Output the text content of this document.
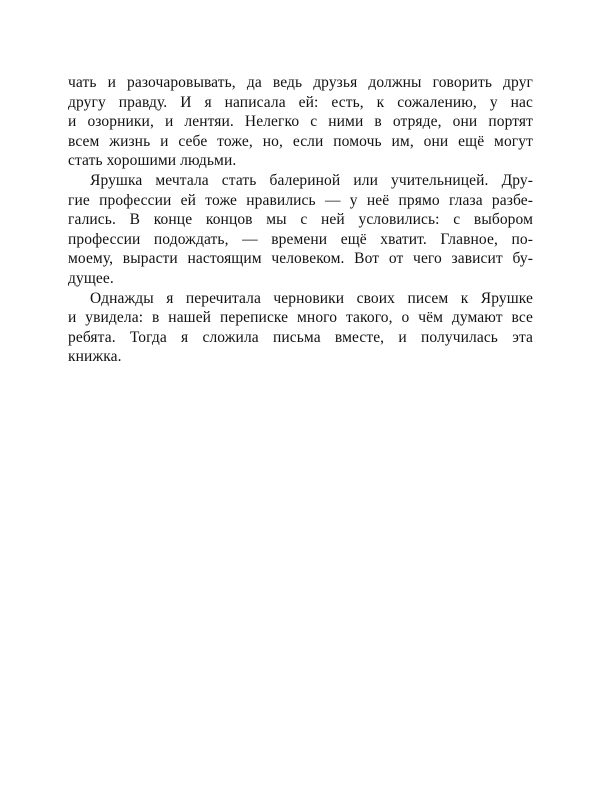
чать и разочаровывать, да ведь друзья должны говорить друг
другу правду. И я написала ей: есть, к сожалению, у нас
и озорники, и лентяи. Нелегко с ними в отряде, они портят
всем жизнь и себе тоже, но, если помочь им, они ещё могут
стать хорошими людьми.
Ярушка мечтала стать балериной или учительницей. Дру-
гие профессии ей тоже нравились — у неё прямо глаза разбе-
гались. В конце концов мы с ней условились: с выбором
профессии подождать, — времени ещё хватит. Главное, по-
моему, вырасти настоящим человеком. Вот от чего зависит бу-
дущее.
Однажды я перечитала черновики своих писем к Ярушке
и увидела: в нашей переписке много такого, о чём думают все
ребята. Тогда я сложила письма вместе, и получилась эта
книжка.
